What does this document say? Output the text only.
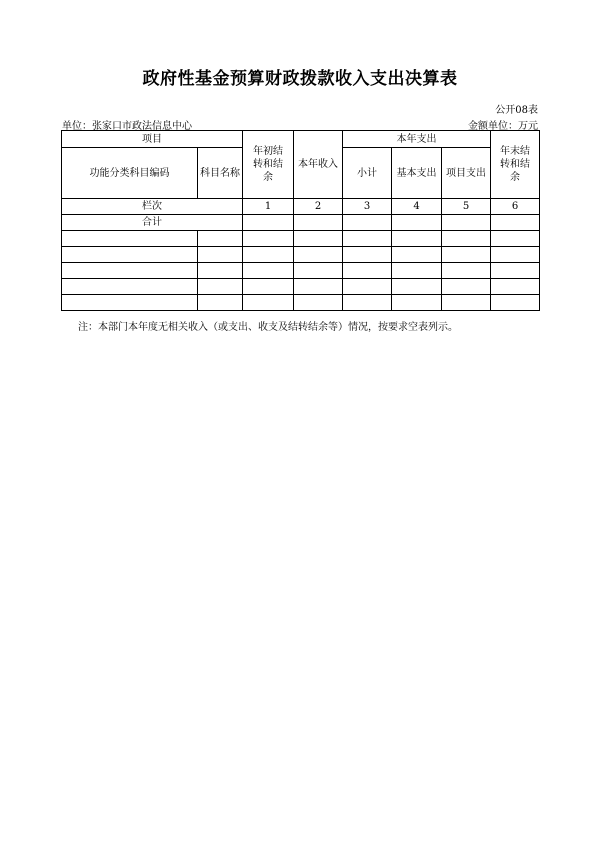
政府性基金预算财政拨款收入支出决算表
公开08表
单位：张家口市政法信息中心	金额单位：万元
项目		年初结转和结余	本年收入	本年支出			年末结转和结余

功能分类科目编码	科目名称			小计	基本支出	项目支出	
栏次		1	2	3	4	5	6
合计							

注：本部门本年度无相关收入（或支出、收支及结转结余等）情况，按要求空表列示。
